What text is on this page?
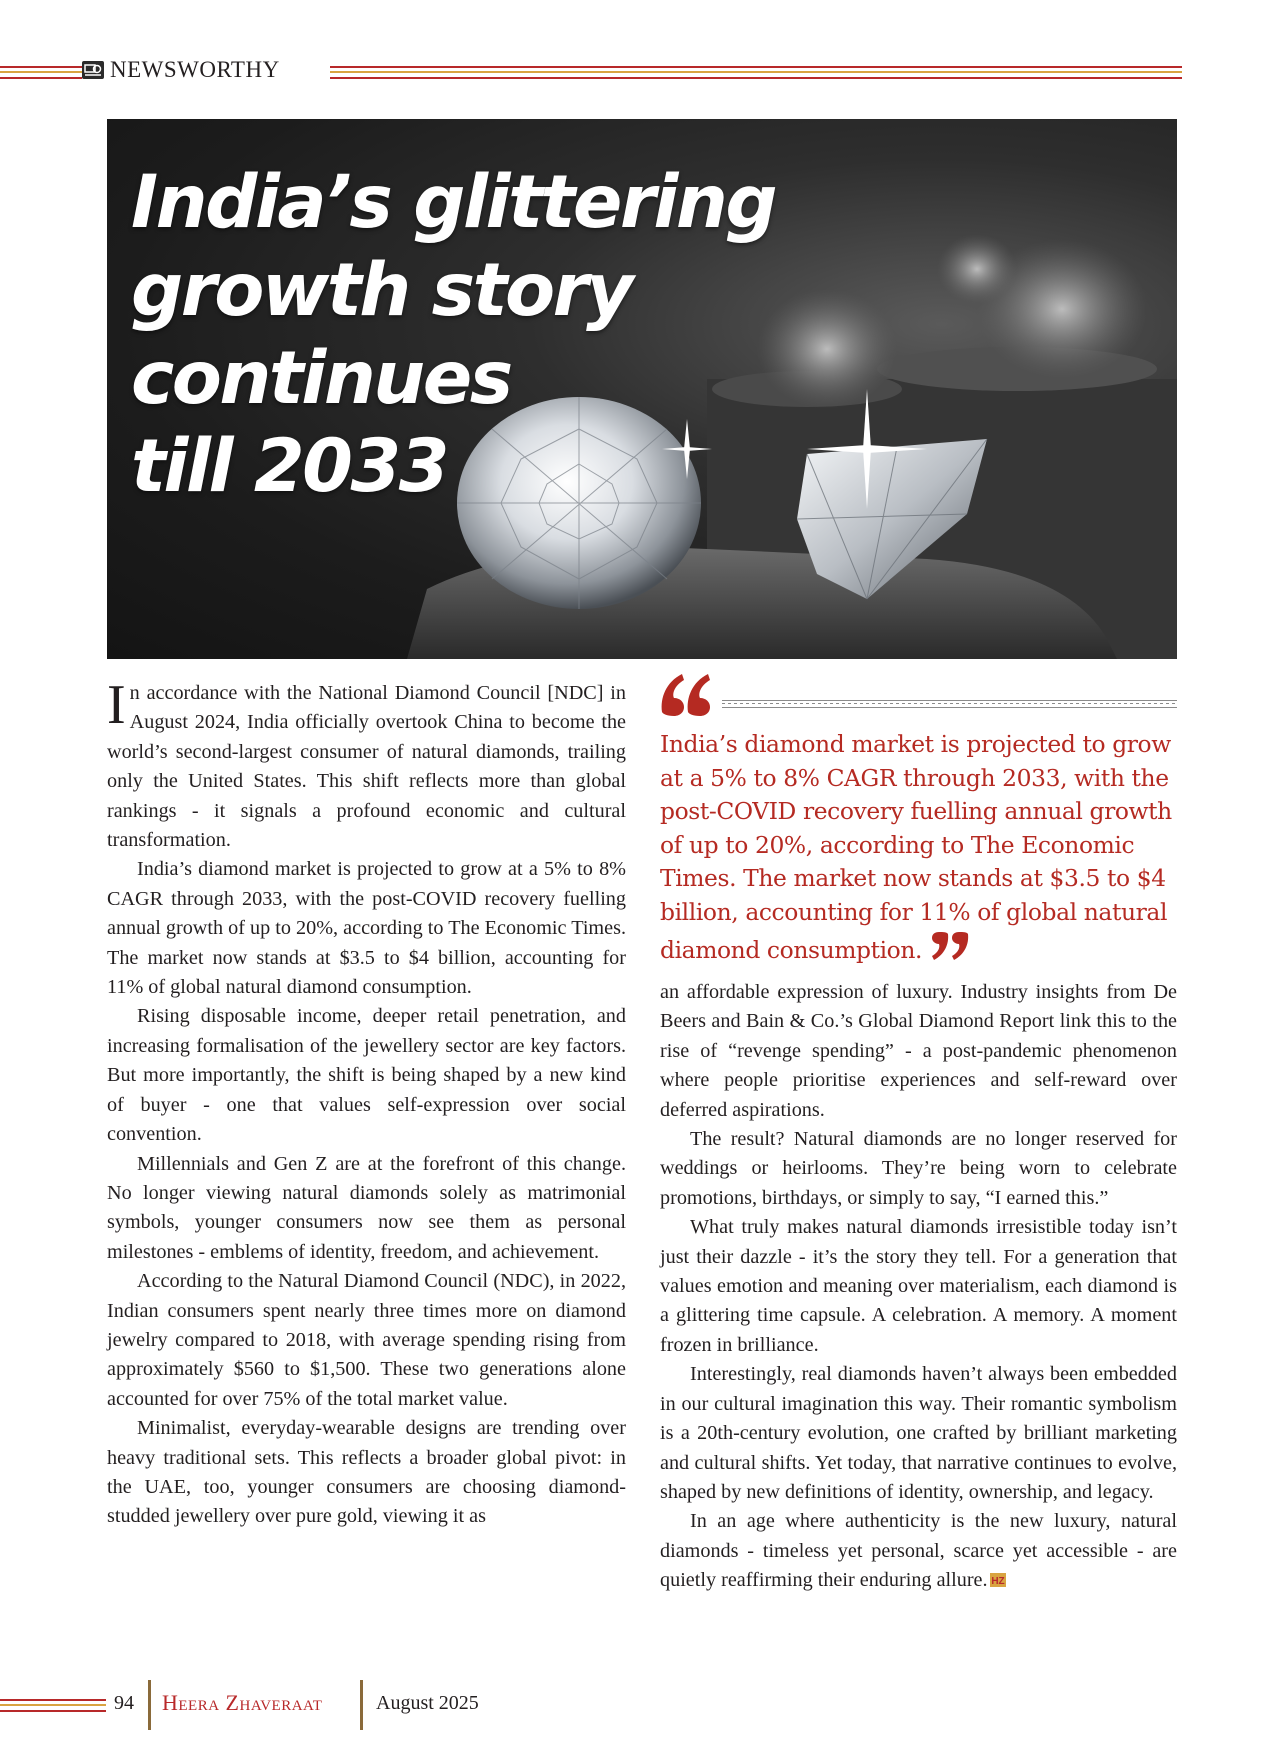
NEWSWORTHY
India’s glittering
growth story
continues
till 2033

In accordance with the National Diamond Council [NDC] in August 2024, India officially overtook China to become the world’s second-largest consumer of natural diamonds, trailing only the United States. This shift reflects more than global rankings - it signals a profound economic and cultural transformation.

India’s diamond market is projected to grow at a 5% to 8% CAGR through 2033, with the post-COVID recovery fuelling annual growth of up to 20%, according to The Economic Times. The market now stands at $3.5 to $4 billion, accounting for 11% of global natural diamond consumption.

Rising disposable income, deeper retail penetration, and increasing formalisation of the jewellery sector are key factors. But more importantly, the shift is being shaped by a new kind of buyer - one that values self-expression over social convention.

Millennials and Gen Z are at the forefront of this change. No longer viewing natural diamonds solely as matrimonial symbols, younger consumers now see them as personal milestones - emblems of identity, freedom, and achievement.

According to the Natural Diamond Council (NDC), in 2022, Indian consumers spent nearly three times more on diamond jewelry compared to 2018, with average spending rising from approximately $560 to $1,500. These two generations alone accounted for over 75% of the total market value.

Minimalist, everyday-wearable designs are trending over heavy traditional sets. This reflects a broader global pivot: in the UAE, too, younger consumers are choosing diamond-studded jewellery over pure gold, viewing it as

India’s diamond market is projected to grow at a 5% to 8% CAGR through 2033, with the post-COVID recovery fuelling annual growth of up to 20%, according to The Economic Times. The market now stands at $3.5 to $4 billion, accounting for 11% of global natural diamond consumption.

an affordable expression of luxury. Industry insights from De Beers and Bain & Co.’s Global Diamond Report link this to the rise of “revenge spending” - a post-pandemic phenomenon where people prioritise experiences and self-reward over deferred aspirations.

The result? Natural diamonds are no longer reserved for weddings or heirlooms. They’re being worn to celebrate promotions, birthdays, or simply to say, “I earned this.”

What truly makes natural diamonds irresistible today isn’t just their dazzle - it’s the story they tell. For a generation that values emotion and meaning over materialism, each diamond is a glittering time capsule. A celebration. A memory. A moment frozen in brilliance.

Interestingly, real diamonds haven’t always been embedded in our cultural imagination this way. Their romantic symbolism is a 20th-century evolution, one crafted by brilliant marketing and cultural shifts. Yet today, that narrative continues to evolve, shaped by new definitions of identity, ownership, and legacy.

In an age where authenticity is the new luxury, natural diamonds - timeless yet personal, scarce yet accessible - are quietly reaffirming their enduring allure. HZ

94 Heera Zhaveraat	August 2025
